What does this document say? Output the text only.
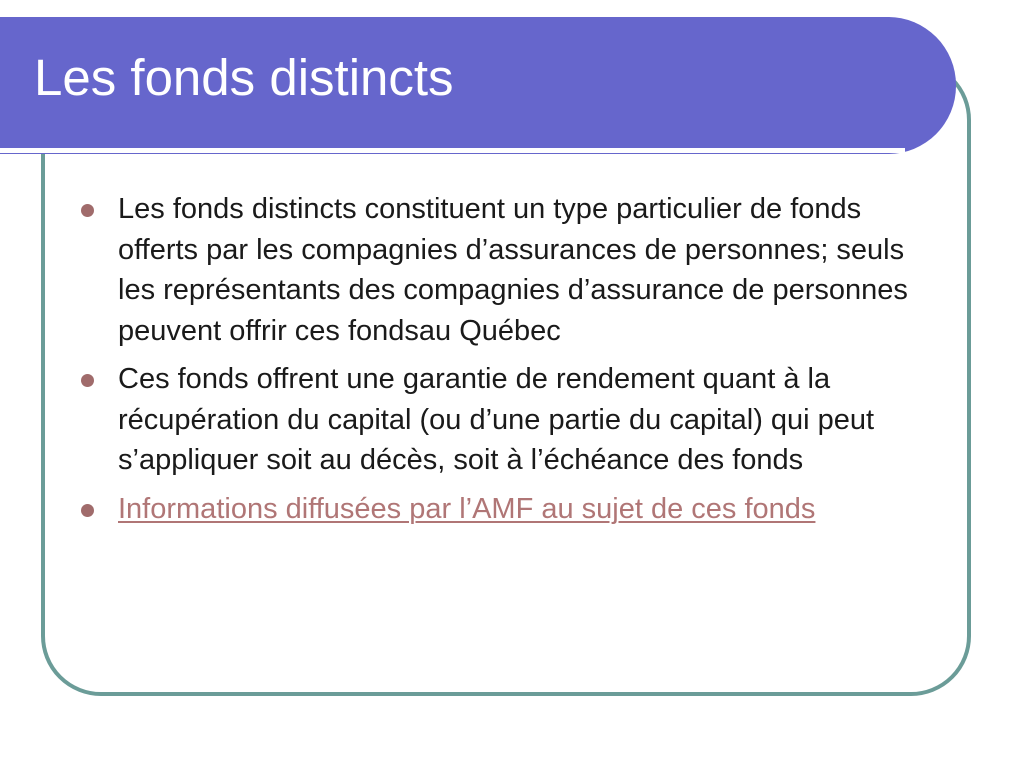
Les fonds distincts
Les fonds distincts constituent un type particulier de fonds offerts par les compagnies d’assurances de personnes; seuls les représentants des compagnies d’assurance de personnes peuvent offrir ces fondsau Québec
Ces fonds offrent une garantie de rendement quant à la récupération du capital (ou d’une partie du capital) qui peut s’appliquer soit au décès, soit à l’échéance des fonds
Informations diffusées par l’AMF au sujet de ces fonds
